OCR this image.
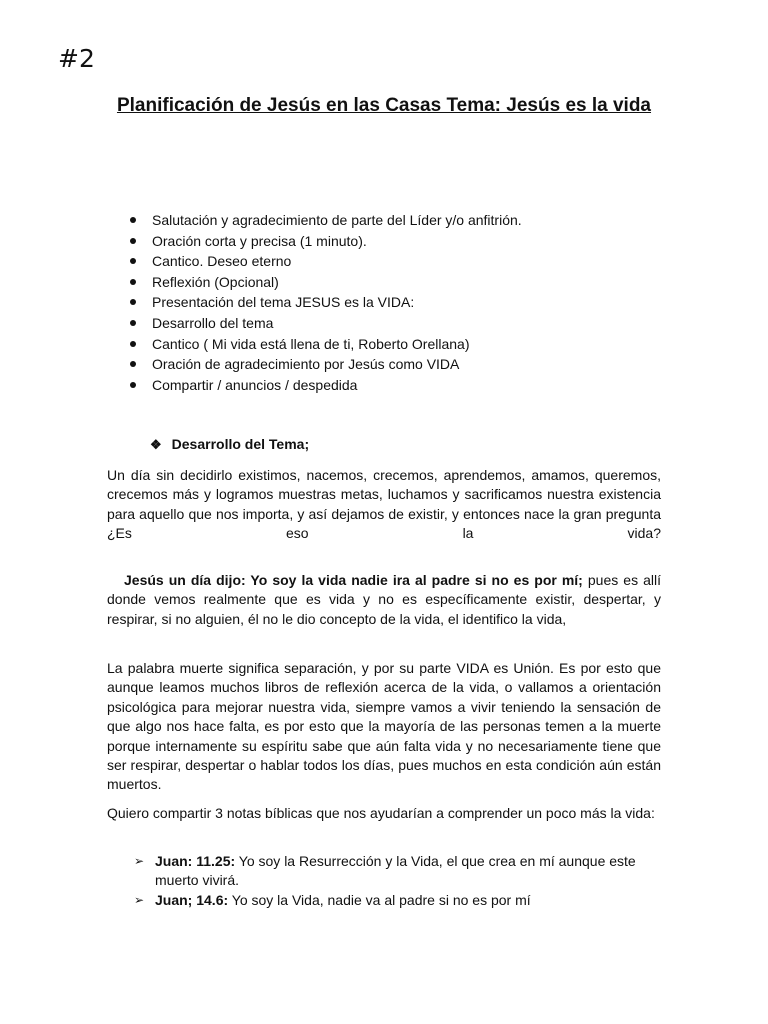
#2
Planificación de Jesús en las Casas Tema: Jesús es la vida
Salutación y agradecimiento de parte del Líder y/o anfitrión.
Oración corta y precisa (1 minuto).
Cantico. Deseo eterno
Reflexión (Opcional)
Presentación del tema JESUS es la VIDA:
Desarrollo del tema
Cantico ( Mi vida está llena de ti, Roberto Orellana)
Oración de agradecimiento por Jesús como VIDA
Compartir / anuncios / despedida
❖ Desarrollo del Tema;

Un día sin decidirlo existimos, nacemos, crecemos, aprendemos, amamos, queremos, crecemos más y logramos muestras metas, luchamos y sacrificamos nuestra existencia para aquello que nos importa, y así dejamos de existir, y entonces nace la gran pregunta ¿Es eso la vida?

Jesús un día dijo: Yo soy la vida nadie ira al padre si no es por mí; pues es allí donde vemos realmente que es vida y no es específicamente existir, despertar, y respirar, si no alguien, él no le dio concepto de la vida, el identifico la vida,

La palabra muerte significa separación, y por su parte VIDA es Unión. Es por esto que aunque leamos muchos libros de reflexión acerca de la vida, o vallamos a orientación psicológica para mejorar nuestra vida, siempre vamos a vivir teniendo la sensación de que algo nos hace falta, es por esto que la mayoría de las personas temen a la muerte porque internamente su espíritu sabe que aún falta vida y no necesariamente tiene que ser respirar, despertar o hablar todos los días, pues muchos en esta condición aún están muertos.

Quiero compartir 3 notas bíblicas que nos ayudarían a comprender un poco más la vida:

➢ Juan: 11.25: Yo soy la Resurrección y la Vida, el que crea en mí aunque este muerto vivirá.
➢ Juan; 14.6: Yo soy la Vida, nadie va al padre si no es por mí
